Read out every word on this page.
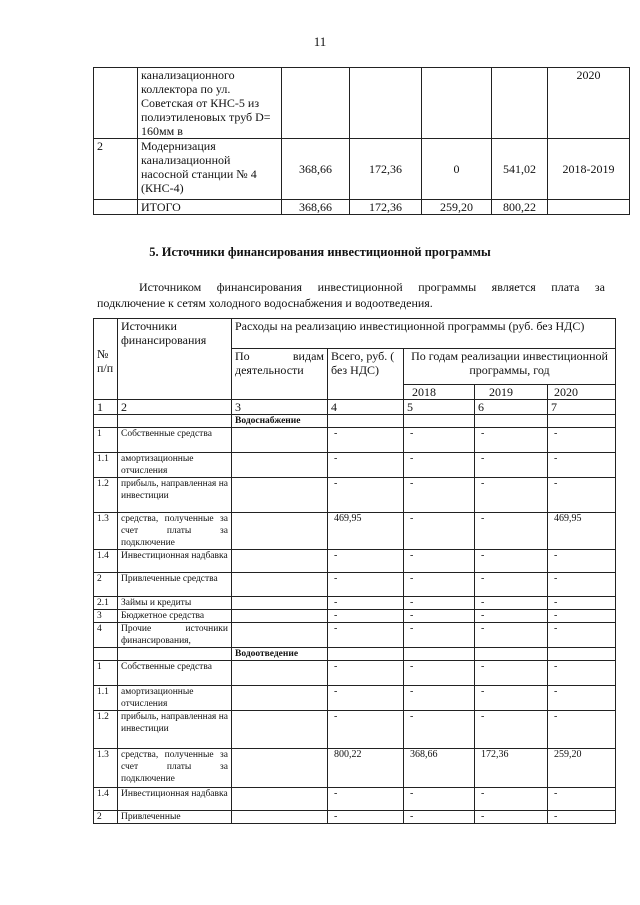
11
	канализационного коллектора по ул. Советская от КНС-5 из полиэтиленовых труб D= 160мм в					2020
2	Модернизация канализационной насосной станции № 4 (КНС-4)	368,66	172,36	0	541,02	2018-2019
	ИТОГО	368,66	172,36	259,20	800,22	
5. Источники финансирования инвестиционной программы
Источником финансирования инвестиционной программы является плата за
подключение к сетям холодного водоснабжения и водоотведения.
№ п/п	Источники финансирования	Расходы на реализацию инвестиционной программы (руб. без НДС)				
		По видам деятельности	Всего, руб. ( без НДС)	По годам реализации инвестиционной программы, год		
				2018	2019	2020
1	2	3	4	5	6	7
		Водоснабжение				
1	Собственные средства		-	-	-	-
1.1	амортизационные отчисления		-	-	-	-
1.2	прибыль, направленная на инвестиции		-	-	-	-
1.3	средства, полученные за счет платы за подключение		469,95	-	-	469,95
1.4	Инвестиционная надбавка		-	-	-	-
2	Привлеченные средства		-	-	-	-
2.1	Займы и кредиты		-	-	-	-
3	Бюджетное средства		-	-	-	-
4	Прочие источники финансирования,		-	-	-	-
		Водоотведение				
1	Собственные средства		-	-	-	-
1.1	амортизационные отчисления		-	-	-	-
1.2	прибыль, направленная на инвестиции		-	-	-	-
1.3	средства, полученные за счет платы за подключение		800,22	368,66	172,36	259,20
1.4	Инвестиционная надбавка		-	-	-	-
2	Привлеченные		-	-	-	-
